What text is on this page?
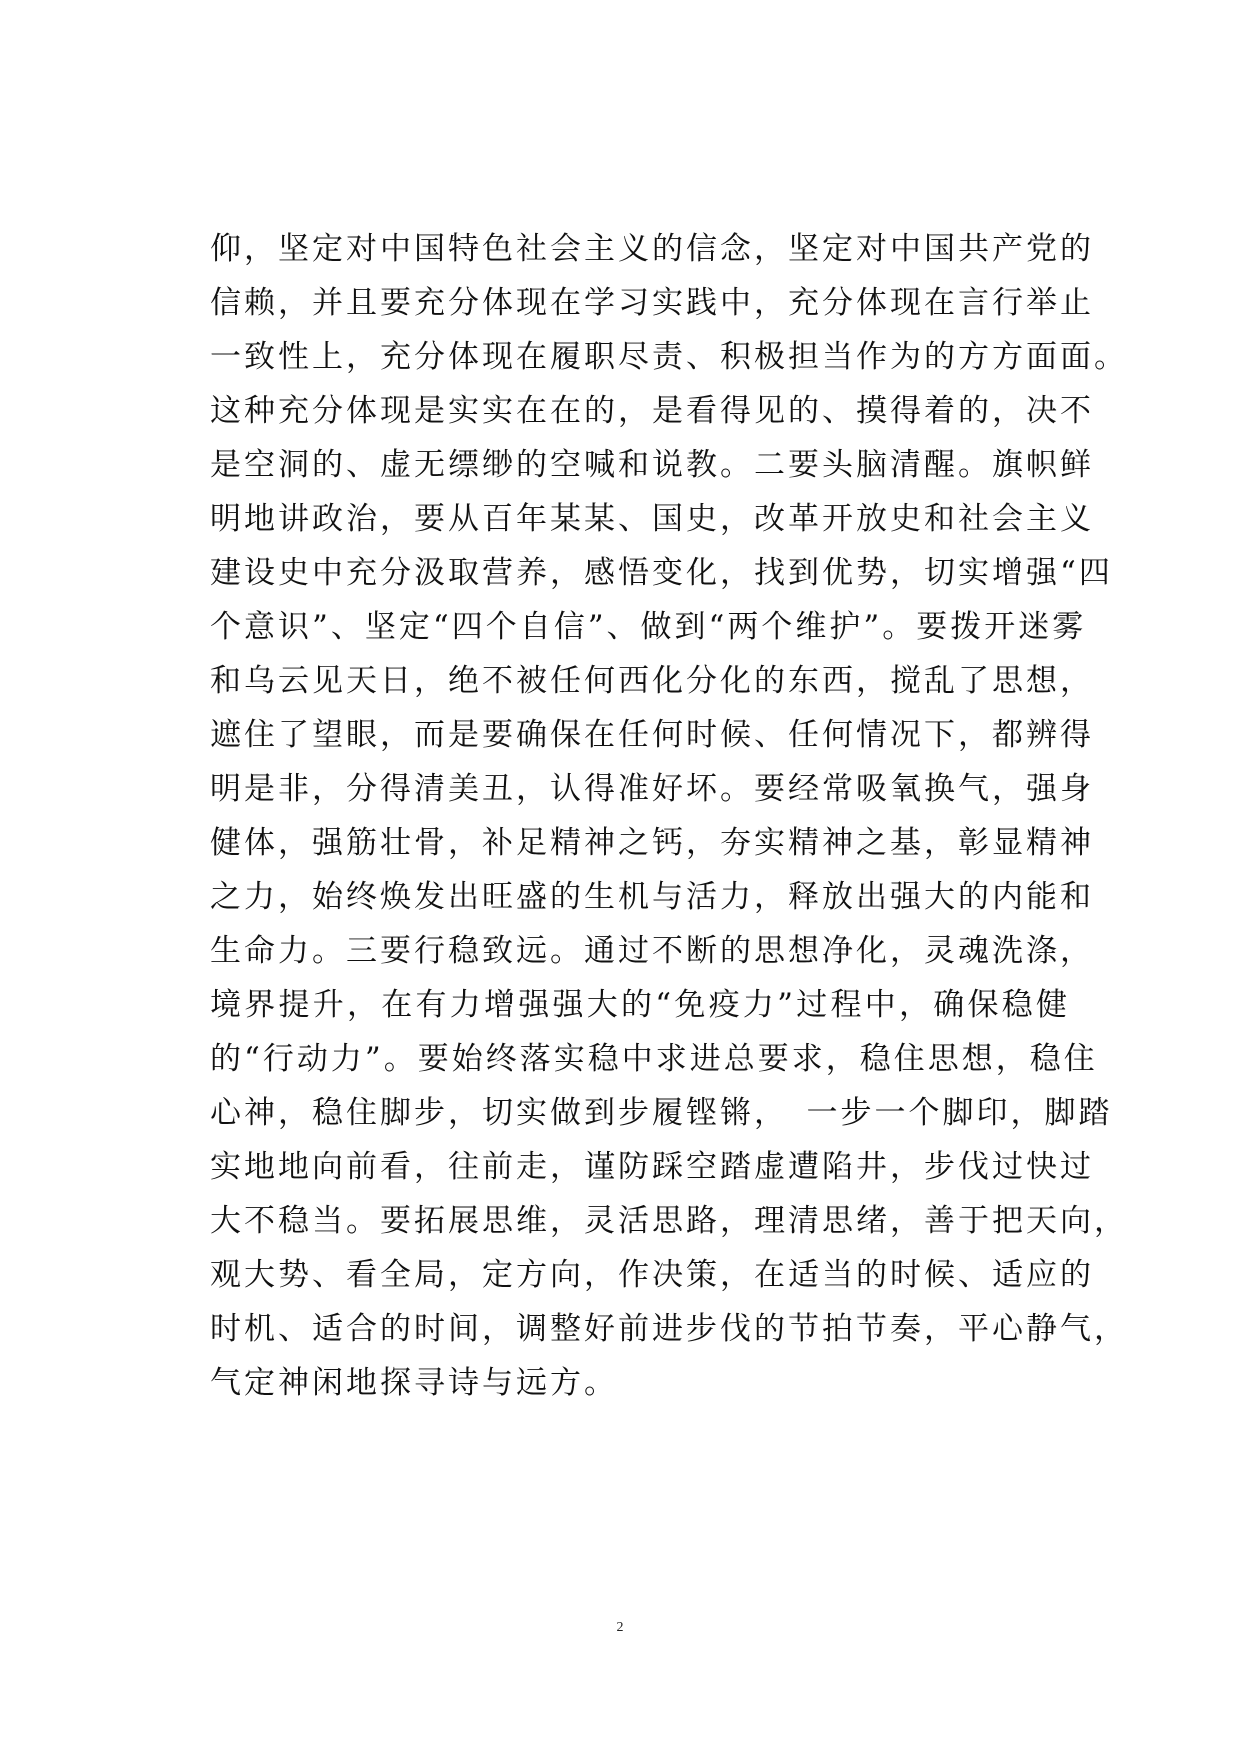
仰，坚定对中国特色社会主义的信念，坚定对中国共产党的
信赖，并且要充分体现在学习实践中，充分体现在言行举止
一致性上，充分体现在履职尽责、积极担当作为的方方面面。
这种充分体现是实实在在的，是看得见的、摸得着的，决不
是空洞的、虚无缥缈的空喊和说教。二要头脑清醒。旗帜鲜
明地讲政治，要从百年某某、国史，改革开放史和社会主义
建设史中充分汲取营养，感悟变化，找到优势，切实增强“四
个意识”、坚定“四个自信”、做到“两个维护”。要拨开迷雾
和乌云见天日，绝不被任何西化分化的东西，搅乱了思想，
遮住了望眼，而是要确保在任何时候、任何情况下，都辨得
明是非，分得清美丑，认得准好坏。要经常吸氧换气，强身
健体，强筋壮骨，补足精神之钙，夯实精神之基，彰显精神
之力，始终焕发出旺盛的生机与活力，释放出强大的内能和
生命力。三要行稳致远。通过不断的思想净化，灵魂洗涤，
境界提升，在有力增强强大的“免疫力”过程中，确保稳健
的“行动力”。要始终落实稳中求进总要求，稳住思想，稳住
心神，稳住脚步，切实做到步履铿锵，　一步一个脚印，脚踏
实地地向前看，往前走，谨防踩空踏虚遭陷井，步伐过快过
大不稳当。要拓展思维，灵活思路，理清思绪，善于把天向，
观大势、看全局，定方向，作决策，在适当的时候、适应的
时机、适合的时间，调整好前进步伐的节拍节奏，平心静气，
气定神闲地探寻诗与远方。
2
